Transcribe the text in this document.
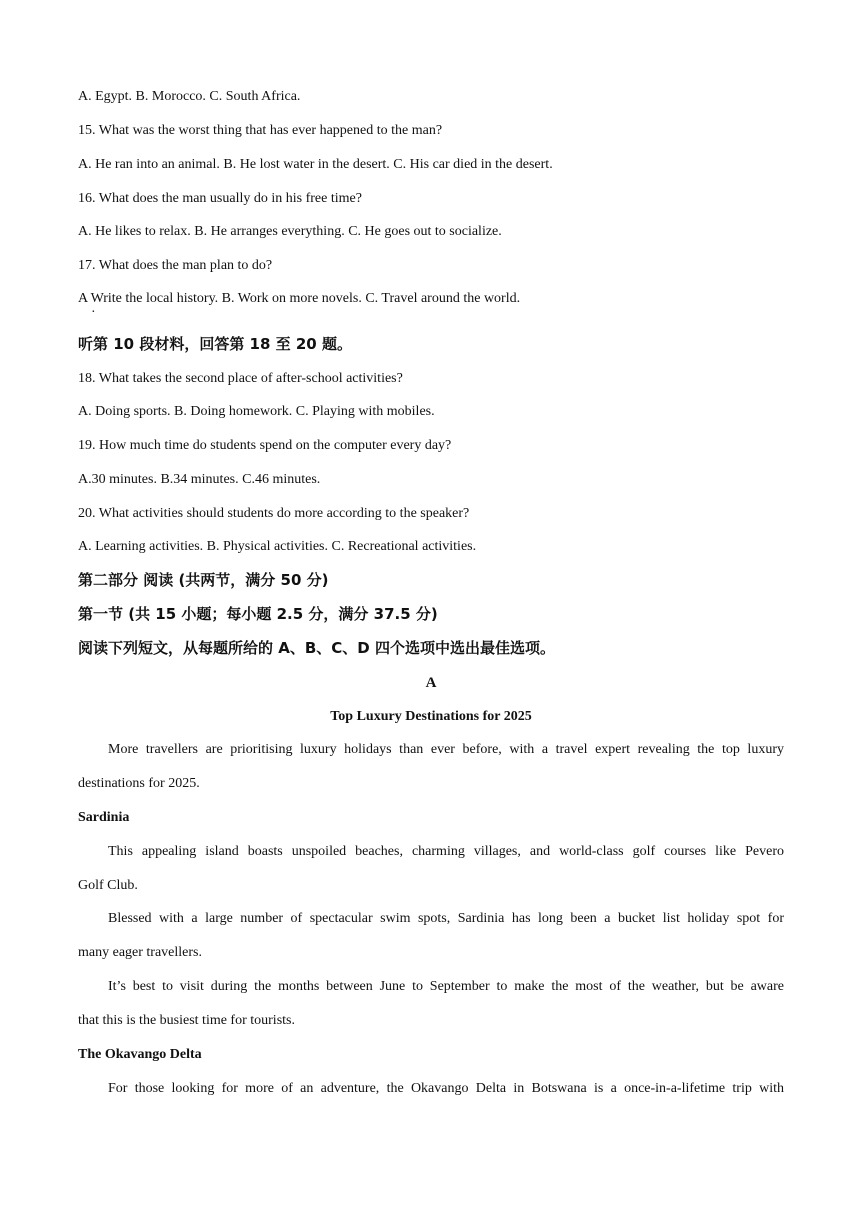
A. Egypt. B. Morocco. C. South Africa.

15. What was the worst thing that has ever happened to the man?

A. He ran into an animal. B. He lost water in the desert. C. His car died in the desert.

16. What does the man usually do in his free time?

A. He likes to relax. B. He arranges everything. C. He goes out to socialize.

17. What does the man plan to do?

A Write the local history. B. Work on more novels. C. Travel around the world.

·

听第 10 段材料，回答第 18 至 20 题。

18. What takes the second place of after-school activities?

A. Doing sports. B. Doing homework. C. Playing with mobiles.

19. How much time do students spend on the computer every day?

A.30 minutes. B.34 minutes. C.46 minutes.

20. What activities should students do more according to the speaker?

A. Learning activities. B. Physical activities. C. Recreational activities.

第二部分 阅读 (共两节，满分 50 分)

第一节 (共 15 小题；每小题 2.5 分，满分 37.5 分)

阅读下列短文，从每题所给的 A、B、C、D 四个选项中选出最佳选项。

A

Top Luxury Destinations for 2025

More travellers are prioritising luxury holidays than ever before, with a travel expert revealing the top luxury

destinations for 2025.

Sardinia

This appealing island boasts unspoiled beaches, charming villages, and world-class golf courses like Pevero

Golf Club.

Blessed with a large number of spectacular swim spots, Sardinia has long been a bucket list holiday spot for

many eager travellers.

It’s best to visit during the months between June to September to make the most of the weather, but be aware

that this is the busiest time for tourists.

The Okavango Delta

For those looking for more of an adventure, the Okavango Delta in Botswana is a once-in-a-lifetime trip with
